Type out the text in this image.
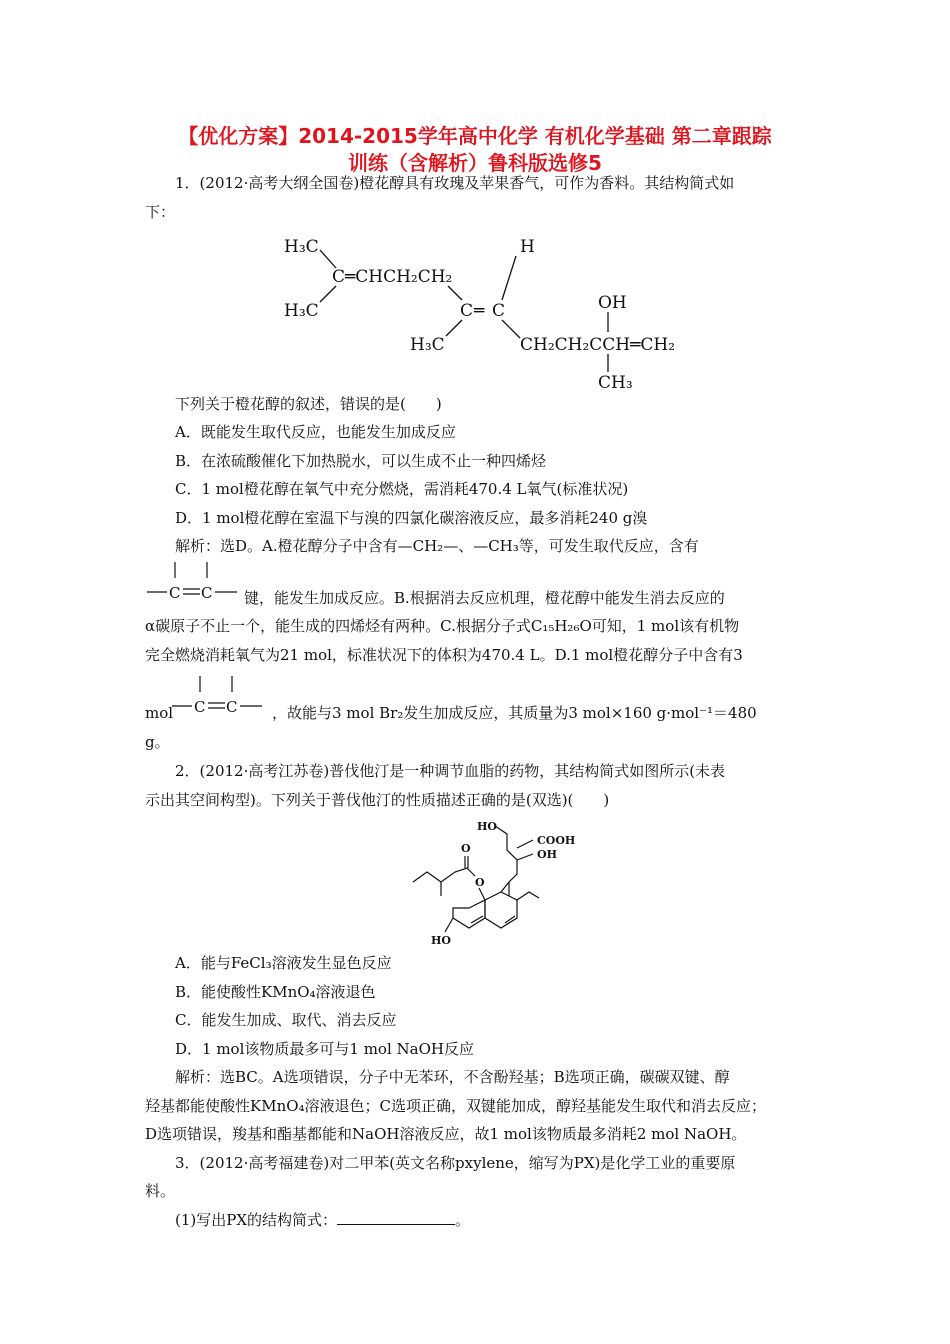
【优化方案】2014-2015学年高中化学 有机化学基础 第二章跟踪
训练（含解析）鲁科版选修5
1．(2012·高考大纲全国卷)橙花醇具有玫瑰及苹果香气，可作为香料。其结构简式如
下：
H₃C
C═CHCH₂CH₂
H₃C
H
C ═ C	OH
H₃C	CH₂CH₂CCH═CH₂
CH₃
下列关于橙花醇的叙述，错误的是(　　)
A．既能发生取代反应，也能发生加成反应
B．在浓硫酸催化下加热脱水，可以生成不止一种四烯烃
C．1 mol橙花醇在氧气中充分燃烧，需消耗470.4 L氧气(标准状况)
D．1 mol橙花醇在室温下与溴的四氯化碳溶液反应，最多消耗240 g溴
解析：选D。A.橙花醇分子中含有—CH₂—、—CH₃等，可发生取代反应，含有
C C 键，能发生加成反应。B.根据消去反应机理，橙花醇中能发生消去反应的
α碳原子不止一个，能生成的四烯烃有两种。C.根据分子式C₁₅H₂₆O可知，1 mol该有机物
完全燃烧消耗氧气为21 mol，标准状况下的体积为470.4 L。D.1 mol橙花醇分子中含有3
mol C C ，故能与3 mol Br₂发生加成反应，其质量为3 mol×160 g·mol⁻¹＝480
g。
2．(2012·高考江苏卷)普伐他汀是一种调节血脂的药物，其结构简式如图所示(未表
示出其空间构型)。下列关于普伐他汀的性质描述正确的是(双选)(　　)
HO
COOH
OH
O
O
HO
A．能与FeCl₃溶液发生显色反应
B．能使酸性KMnO₄溶液退色
C．能发生加成、取代、消去反应
D．1 mol该物质最多可与1 mol NaOH反应
解析：选BC。A选项错误，分子中无苯环，不含酚羟基；B选项正确，碳碳双键、醇
羟基都能使酸性KMnO₄溶液退色；C选项正确，双键能加成，醇羟基能发生取代和消去反应；
D选项错误，羧基和酯基都能和NaOH溶液反应，故1 mol该物质最多消耗2 mol NaOH。
3．(2012·高考福建卷)对二甲苯(英文名称pxylene，缩写为PX)是化学工业的重要原
料。
(1)写出PX的结构简式：	。
